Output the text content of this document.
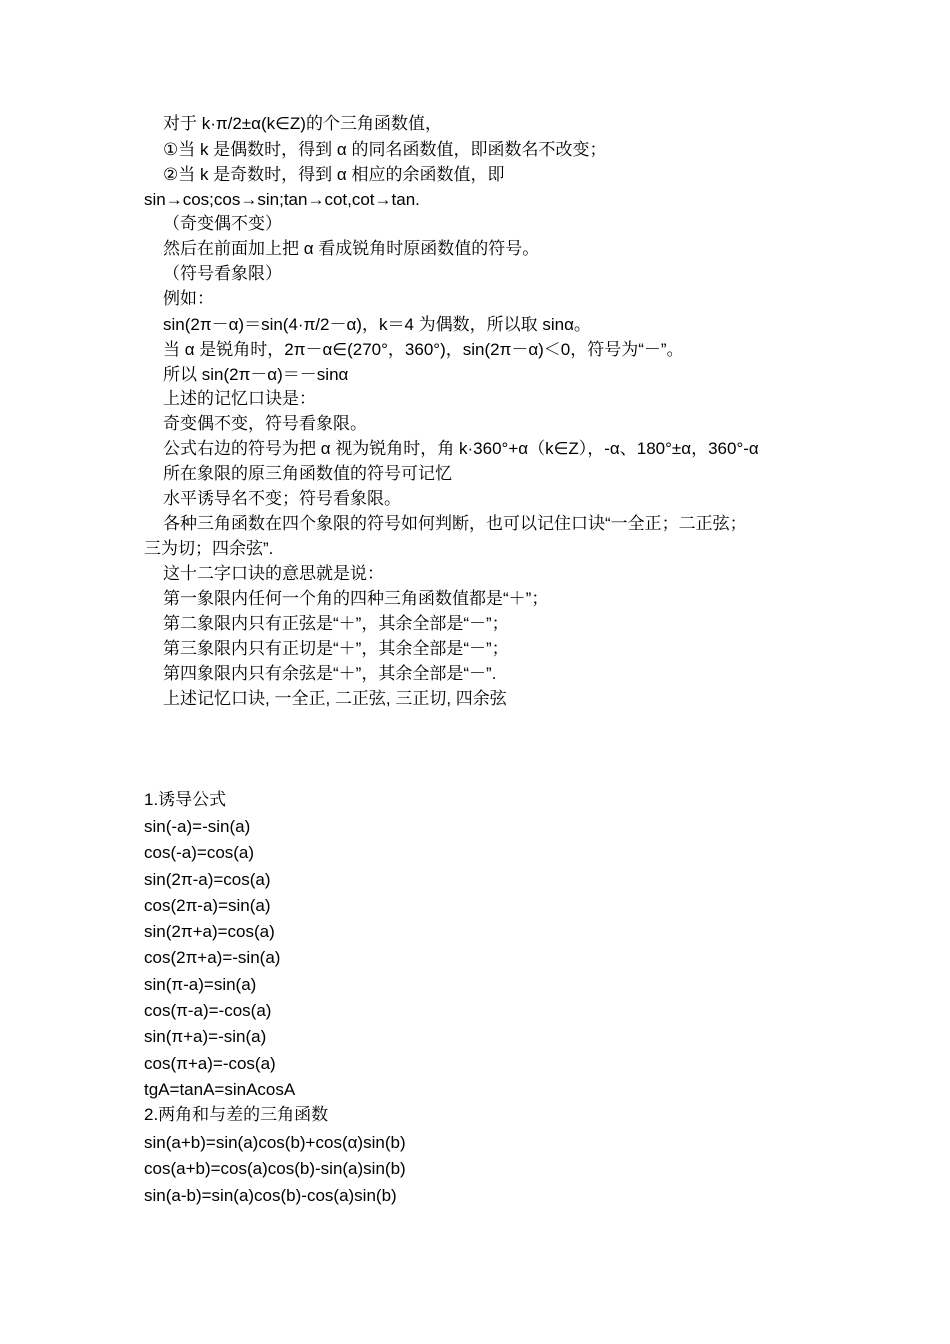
对于 k·π/2±α(k∈Z)的个三角函数值，
①当 k 是偶数时，得到 α 的同名函数值，即函数名不改变；
②当 k 是奇数时，得到 α 相应的余函数值，即
sin→cos;cos→sin;tan→cot,cot→tan.
（奇变偶不变）
然后在前面加上把 α 看成锐角时原函数值的符号。
（符号看象限）
例如：
sin(2π－α)＝sin(4·π/2－α)，k＝4 为偶数，所以取 sinα。
当 α 是锐角时，2π－α∈(270°，360°)，sin(2π－α)＜0，符号为“－”。
所以 sin(2π－α)＝－sinα
上述的记忆口诀是：
奇变偶不变，符号看象限。
公式右边的符号为把 α 视为锐角时，角 k·360°+α（k∈Z），-α、180°±α，360°-α
所在象限的原三角函数值的符号可记忆
水平诱导名不变；符号看象限。
各种三角函数在四个象限的符号如何判断，也可以记住口诀“一全正；二正弦；
三为切；四余弦”.
这十二字口诀的意思就是说：
第一象限内任何一个角的四种三角函数值都是“＋”；
第二象限内只有正弦是“＋”，其余全部是“－”；
第三象限内只有正切是“＋”，其余全部是“－”；
第四象限内只有余弦是“＋”，其余全部是“－”.
上述记忆口诀, 一全正, 二正弦, 三正切, 四余弦
1.诱导公式
sin(-a)=-sin(a)
cos(-a)=cos(a)
sin(2π-a)=cos(a)
cos(2π-a)=sin(a)
sin(2π+a)=cos(a)
cos(2π+a)=-sin(a)
sin(π-a)=sin(a)
cos(π-a)=-cos(a)
sin(π+a)=-sin(a)
cos(π+a)=-cos(a)
tgA=tanA=sinAcosA
2.两角和与差的三角函数
sin(a+b)=sin(a)cos(b)+cos(α)sin(b)
cos(a+b)=cos(a)cos(b)-sin(a)sin(b)
sin(a-b)=sin(a)cos(b)-cos(a)sin(b)
